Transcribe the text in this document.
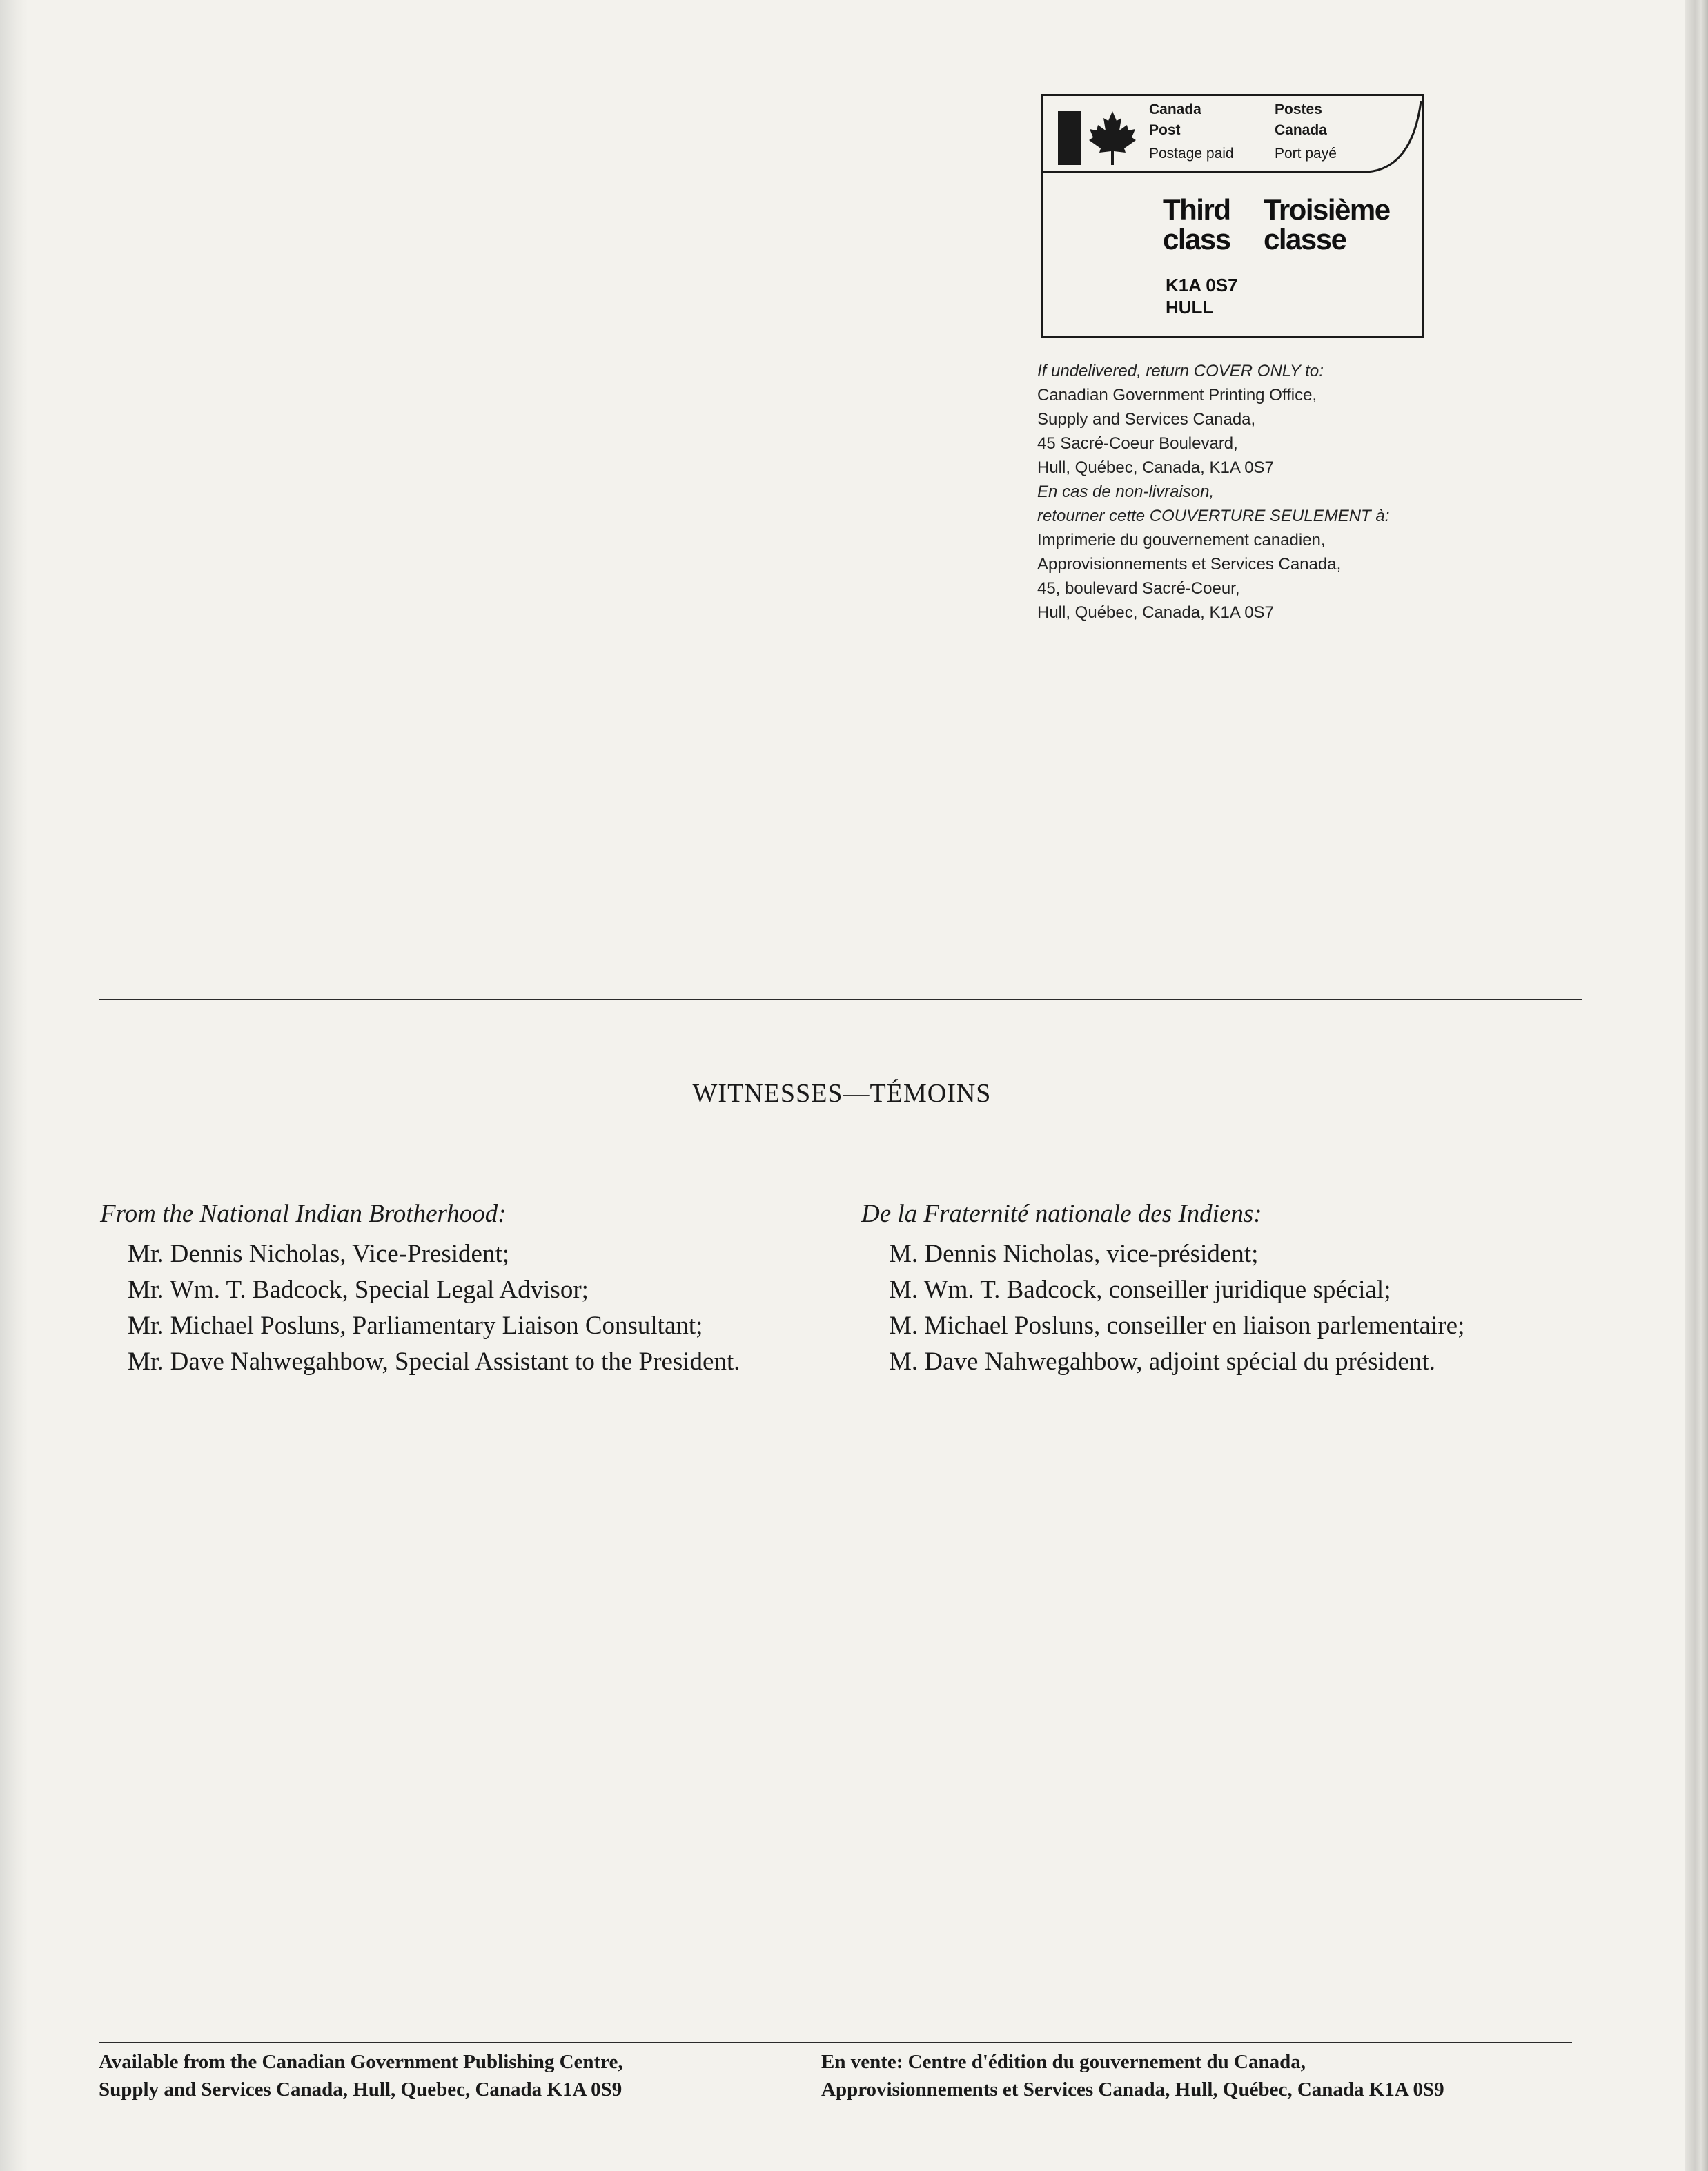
Canada
Post
Postage paid
Postes
Canada
Port payé
Third
class
Troisième
classe
K1A 0S7
HULL
If undelivered, return COVER ONLY to:
Canadian Government Printing Office,
Supply and Services Canada,
45 Sacré-Coeur Boulevard,
Hull, Québec, Canada, K1A 0S7
En cas de non-livraison,
retourner cette COUVERTURE SEULEMENT à:
Imprimerie du gouvernement canadien,
Approvisionnements et Services Canada,
45, boulevard Sacré-Coeur,
Hull, Québec, Canada, K1A 0S7
WITNESSES—TÉMOINS
From the National Indian Brotherhood:
Mr. Dennis Nicholas, Vice-President;
Mr. Wm. T. Badcock, Special Legal Advisor;
Mr. Michael Posluns, Parliamentary Liaison Consultant;
Mr. Dave Nahwegahbow, Special Assistant to the President.
De la Fraternité nationale des Indiens:
M. Dennis Nicholas, vice-président;
M. Wm. T. Badcock, conseiller juridique spécial;
M. Michael Posluns, conseiller en liaison parlementaire;
M. Dave Nahwegahbow, adjoint spécial du président.
Available from the Canadian Government Publishing Centre,
Supply and Services Canada, Hull, Quebec, Canada K1A 0S9
En vente: Centre d'édition du gouvernement du Canada,
Approvisionnements et Services Canada, Hull, Québec, Canada K1A 0S9
